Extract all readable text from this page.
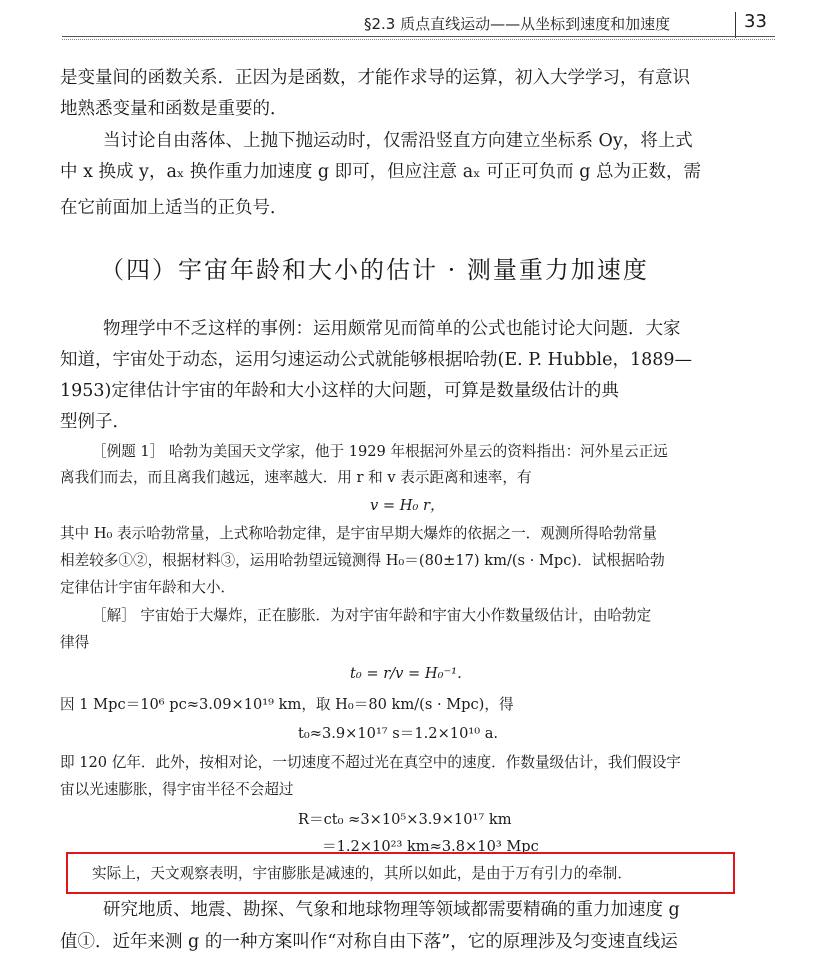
§2.3 质点直线运动——从坐标到速度和加速度	33
是变量间的函数关系．正因为是函数，才能作求导的运算，初入大学学习，有意识
地熟悉变量和函数是重要的．
当讨论自由落体、上抛下抛运动时，仅需沿竖直方向建立坐标系 Oy，将上式
中 x 换成 y，aₓ 换作重力加速度 g 即可，但应注意 aₓ 可正可负而 g 总为正数，需
在它前面加上适当的正负号．
（四）宇宙年龄和大小的估计 · 测量重力加速度
物理学中不乏这样的事例：运用颇常见而简单的公式也能讨论大问题．大家
知道，宇宙处于动态，运用匀速运动公式就能够根据哈勃(E. P. Hubble，1889—
1953)定律估计宇宙的年龄和大小这样的大问题，可算是数量级估计的典
型例子．
［例题 1］ 哈勃为美国天文学家，他于 1929 年根据河外星云的资料指出：河外星云正远
离我们而去，而且离我们越远，速率越大．用 r 和 v 表示距离和速率，有
v = H₀ r，
其中 H₀ 表示哈勃常量，上式称哈勃定律，是宇宙早期大爆炸的依据之一．观测所得哈勃常量
相差较多①②，根据材料③，运用哈勃望远镜测得 H₀＝(80±17) km/(s · Mpc)．试根据哈勃
定律估计宇宙年龄和大小．
［解］ 宇宙始于大爆炸，正在膨胀．为对宇宙年龄和宇宙大小作数量级估计，由哈勃定
律得
t₀ = r/v = H₀⁻¹．
因 1 Mpc＝10⁶ pc≈3.09×10¹⁹ km，取 H₀＝80 km/(s · Mpc)，得
t₀≈3.9×10¹⁷ s＝1.2×10¹⁰ a.
即 120 亿年．此外，按相对论，一切速度不超过光在真空中的速度．作数量级估计，我们假设宇
宙以光速膨胀，得宇宙半径不会超过
R＝ct₀ ≈3×10⁵×3.9×10¹⁷ km
＝1.2×10²³ km≈3.8×10³ Mpc
实际上，天文观察表明，宇宙膨胀是减速的，其所以如此，是由于万有引力的牵制．
研究地质、地震、勘探、气象和地球物理等领域都需要精确的重力加速度 g
值①．近年来测 g 的一种方案叫作“对称自由下落”，它的原理涉及匀变速直线运
